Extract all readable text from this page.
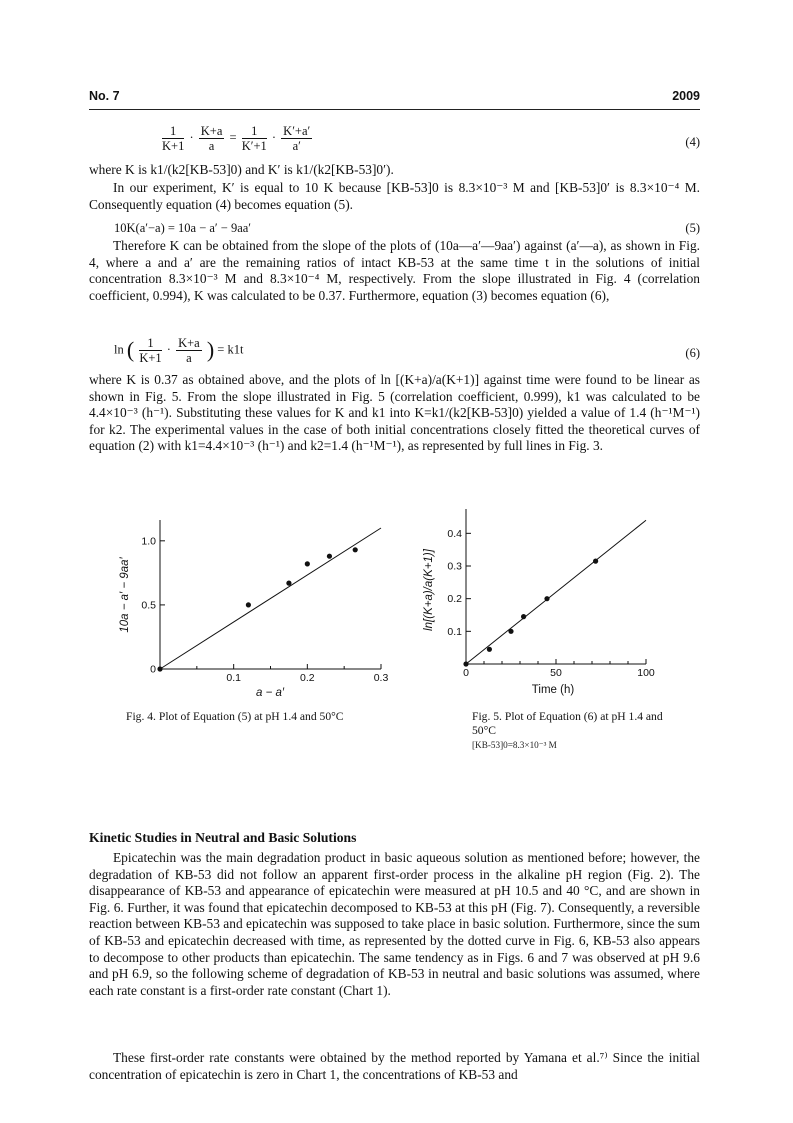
No. 7	2009
$\frac{1}{K+1} \cdot \frac{K+a}{a} = \frac{1}{K'+1} \cdot \frac{K'+a'}{a'}$	(4)

where K is k1/(k2[KB-53]0) and K′ is k1/(k2[KB-53]0′).

In our experiment, K′ is equal to 10 K because [KB-53]0 is 8.3×10⁻³ M and [KB-53]0′ is 8.3×10⁻⁴ M. Consequently equation (4) becomes equation (5).

10K(a′−a) = 10a − a′ − 9aa′	(5)

Therefore K can be obtained from the slope of the plots of (10a—a′—9aa′) against (a′—a), as shown in Fig. 4, where a and a′ are the remaining ratios of intact KB-53 at the same time t in the solutions of initial concentration 8.3×10⁻³ M and 8.3×10⁻⁴ M, respectively. From the slope illustrated in Fig. 4 (correlation coefficient, 0.994), K was calculated to be 0.37. Furthermore, equation (3) becomes equation (6),

ln ( $\frac{1}{K+1} \cdot \frac{K+a}{a}$ ) = k1t	(6)

where K is 0.37 as obtained above, and the plots of ln [(K+a)/a(K+1)] against time were found to be linear as shown in Fig. 5. From the slope illustrated in Fig. 5 (correlation coefficient, 0.999), k1 was calculated to be 4.4×10⁻³ (h⁻¹). Substituting these values for K and k1 into K=k1/(k2[KB-53]0) yielded a value of 1.4 (h⁻¹M⁻¹) for k2. The experimental values in the case of both initial concentrations closely fitted the theoretical curves of equation (2) with k1=4.4×10⁻³ (h⁻¹) and k2=1.4 (h⁻¹M⁻¹), as represented by full lines in Fig. 3.

0.1	0.2	0.3
0
0.5
1.0
a − a′
10a − a′ − 9aa′
Fig. 4. Plot of Equation (5) at pH 1.4 and 50°C
0	50	100
0.1
0.2
0.3
0.4
Time (h)
ln[(K+a)/a(K+1)]
Fig. 5. Plot of Equation (6) at pH 1.4 and 50°C
[KB-53]0=8.3×10⁻³ M
Kinetic Studies in Neutral and Basic Solutions

Epicatechin was the main degradation product in basic aqueous solution as mentioned before; however, the degradation of KB-53 did not follow an apparent first-order process in the alkaline pH region (Fig. 2). The disappearance of KB-53 and appearance of epicatechin were measured at pH 10.5 and 40 °C, and are shown in Fig. 6. Further, it was found that epicatechin decomposed to KB-53 at this pH (Fig. 7). Consequently, a reversible reaction between KB-53 and epicatechin was supposed to take place in basic solution. Furthermore, since the sum of KB-53 and epicatechin decreased with time, as represented by the dotted curve in Fig. 6, KB-53 also appears to decompose to other products than epicatechin. The same tendency as in Figs. 6 and 7 was observed at pH 9.6 and pH 6.9, so the following scheme of degradation of KB-53 in neutral and basic solutions was assumed, where each rate constant is a first-order rate constant (Chart 1).

These first-order rate constants were obtained by the method reported by Yamana et al.⁷⁾ Since the initial concentration of epicatechin is zero in Chart 1, the concentrations of KB-53 and
